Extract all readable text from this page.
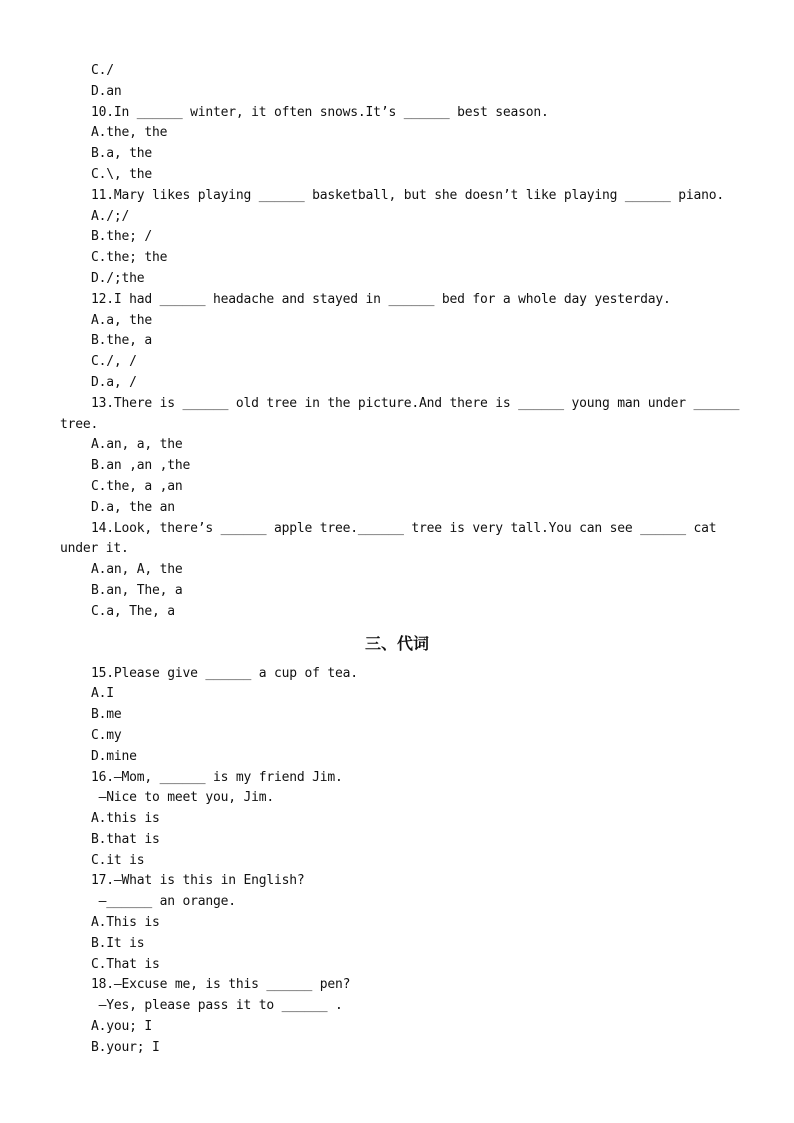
C./
D.an
10.In ______ winter, it often snows.It’s ______ best season.
A.the, the
B.a, the
C.\, the
11.Mary likes playing ______ basketball, but she doesn’t like playing ______ piano.
A./;/
B.the; /
C.the; the
D./;the
12.I had ______ headache and stayed in ______ bed for a whole day yesterday.
A.a, the
B.the, a
C./, /
D.a, /
13.There is ______ old tree in the picture.And there is ______ young man under ______
tree.
A.an, a, the
B.an ,an ,the
C.the, a ,an
D.a, the an
14.Look, there’s ______ apple tree.______ tree is very tall.You can see ______ cat
under it.
A.an, A, the
B.an, The, a
C.a, The, a
三、代词
15.Please give ______ a cup of tea.
A.I
B.me
C.my
D.mine
16.–Mom, ______ is my friend Jim.
–Nice to meet you, Jim.
A.this is
B.that is
C.it is
17.–What is this in English?
–______ an orange.
A.This is
B.It is
C.That is
18.–Excuse me, is this ______ pen?
–Yes, please pass it to ______ .
A.you; I
B.your; I
